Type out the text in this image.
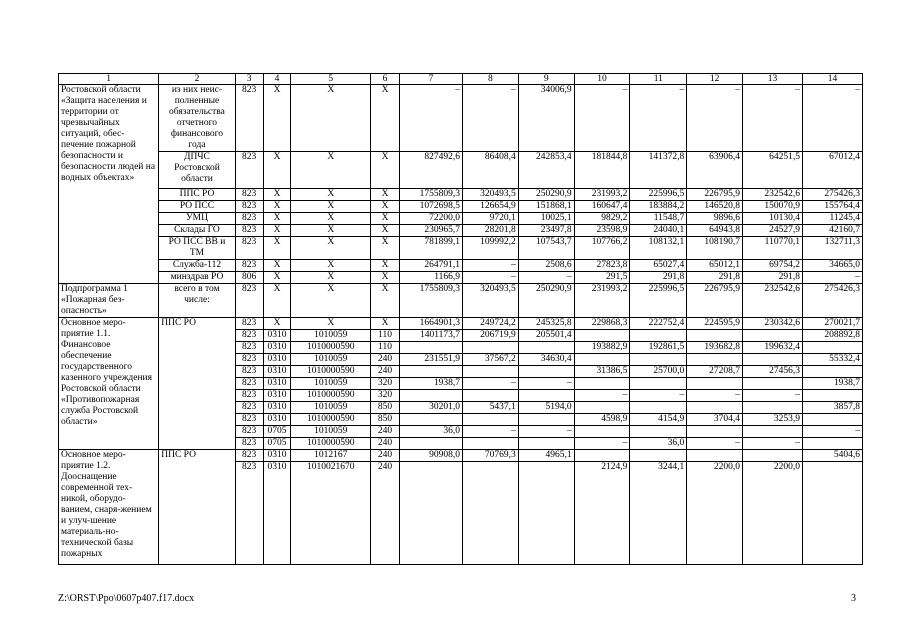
1	2	3	4	5	6	7	8	9	10	11	12	13	14
Ростовской области «Защита населения и территории от чрезвычайных ситуаций, обес-печение пожарной безопасности и безопасности людей на водных объектах»	из них неис-полненные обязательства отчетного финансового года	823	X	X	X	–	–	34006,9	–	–	–	–	–
	ДПЧС Ростовской области	823	X	X	X	827492,6	86408,4	242853,4	181844,8	141372,8	63906,4	64251,5	67012,4
	ППС РО	823	X	X	X	1755809,3	320493,5	250290,9	231993,2	225996,5	226795,9	232542,6	275426,3
	РО ПСС	823	X	X	X	1072698,5	126654,9	151868,1	160647,4	183884,2	146520,8	150070,9	155764,4
	УМЦ	823	X	X	X	72200,0	9720,1	10025,1	9829,2	11548,7	9896,6	10130,4	11245,4
	Склады ГО	823	X	X	X	230965,7	28201,8	23497,8	23598,9	24040,1	64943,8	24527,9	42160,7
	РО ПСС ВВ и ТМ	823	X	X	X	781899,1	109992,2	107543,7	107766,2	108132,1	108190,7	110770,1	132711,3
	Служба-112	823	X	X	X	264791,1	–	2508,6	27823,8	65027,4	65012,1	69754,2	34665,0
	минздрав РО	806	X	X	X	1166,9	–	–	291,5	291,8	291,8	291,8	–
Подпрограмма 1 «Пожарная без-опасность»	всего в том числе:	823	X	X	X	1755809,3	320493,5	250290,9	231993,2	225996,5	226795,9	232542,6	275426,3
Основное меро-приятие 1.1. Финансовое обеспечение государственного казенного учреждения Ростовской области «Противопожарная служба Ростовской области»	ППС РО	823	X	X	X	1664901,3	249724,2	245325,8	229868,3	222752,4	224595,9	230342,6	270021,7
		823	0310	1010059	110	1401173,7	206719,9	205501,4					208892,8
		823	0310	1010000590	110				193882,9	192861,5	193682,8	199632,4	
		823	0310	1010059	240	231551,9	37567,2	34630,4					55332,4
		823	0310	1010000590	240				31386,5	25700,0	27208,7	27456,3	
		823	0310	1010059	320	1938,7	–	–					1938,7
		823	0310	1010000590	320				–	–	–	–	
		823	0310	1010059	850	30201,0	5437,1	5194,0					3857,8
		823	0310	1010000590	850				4598,9	4154,9	3704,4	3253,9	
		823	0705	1010059	240	36,0	–	–					–
		823	0705	1010000590	240				–	36,0	–	–	
Основное меро-приятие 1.2. Дооснащение современной тех-никой, оборудо-ванием, снаря-жением и улуч-шение материаль-но-технической базы пожарных	ППС РО	823	0310	1012167	240	90908,0	70769,3	4965,1					5404,6
		823	0310	1010021670	240				2124,9	3244,1	2200,0	2200,0	
Z:\ORST\Ppo\0607p407.f17.docx	3
